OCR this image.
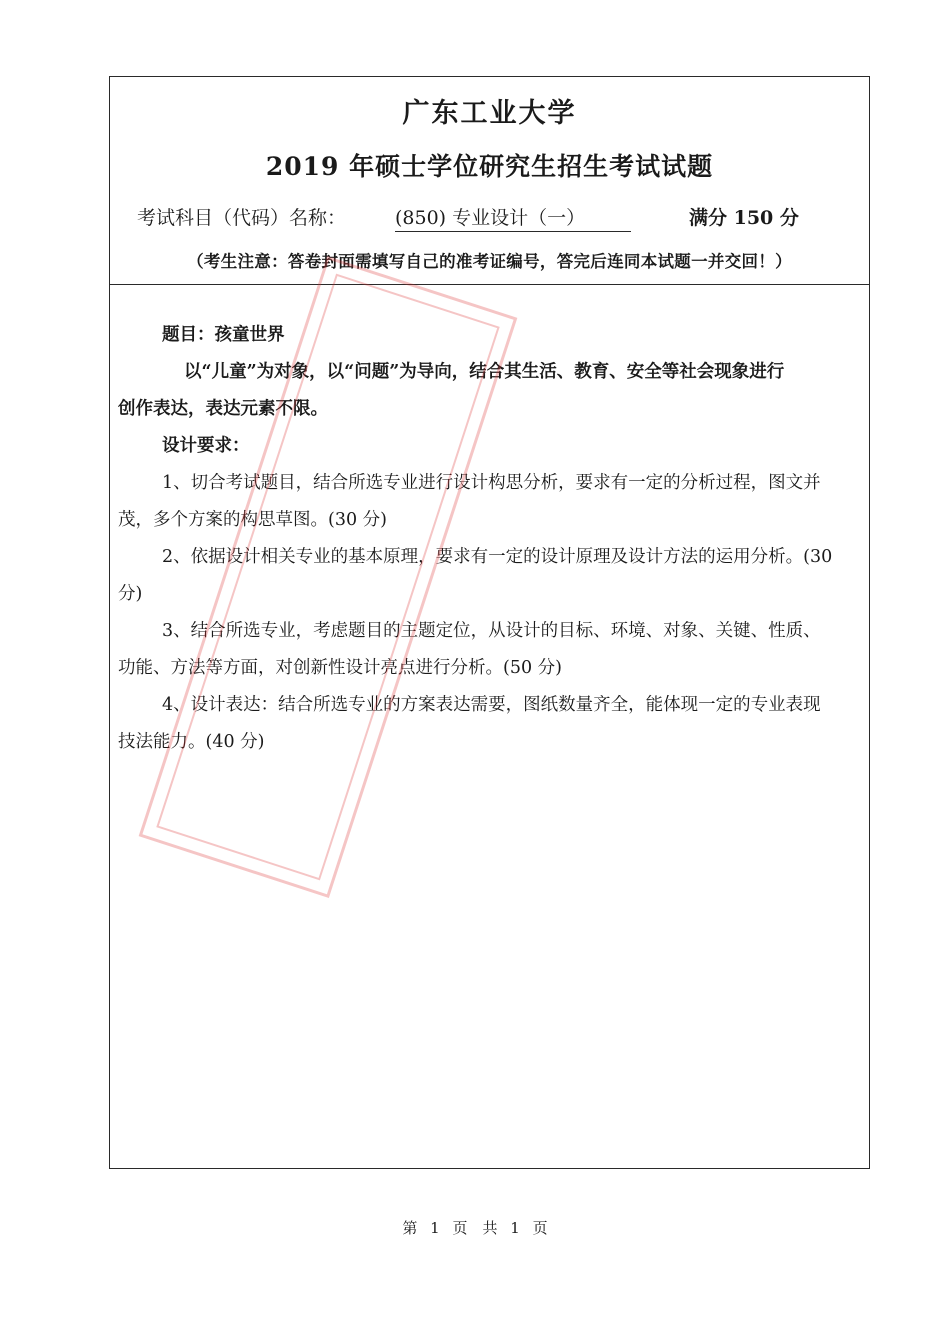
广东工业大学
2019 年硕士学位研究生招生考试试题
考试科目（代码）名称：	(850) 专业设计（一）	满分 150 分
（考生注意：答卷封面需填写自己的准考证编号，答完后连同本试题一并交回！）

题目：孩童世界

以“儿童”为对象，以“问题”为导向，结合其生活、教育、安全等社会现象进行

创作表达，表达元素不限。

设计要求：

1、切合考试题目，结合所选专业进行设计构思分析，要求有一定的分析过程，图文并

茂，多个方案的构思草图。(30 分)

2、依据设计相关专业的基本原理，要求有一定的设计原理及设计方法的运用分析。(30

分)

3、结合所选专业，考虑题目的主题定位，从设计的目标、环境、对象、关键、性质、

功能、方法等方面，对创新性设计亮点进行分析。(50 分)

4、设计表达：结合所选专业的方案表达需要，图纸数量齐全，能体现一定的专业表现

技法能力。(40 分)

第 1 页　共 1 页
